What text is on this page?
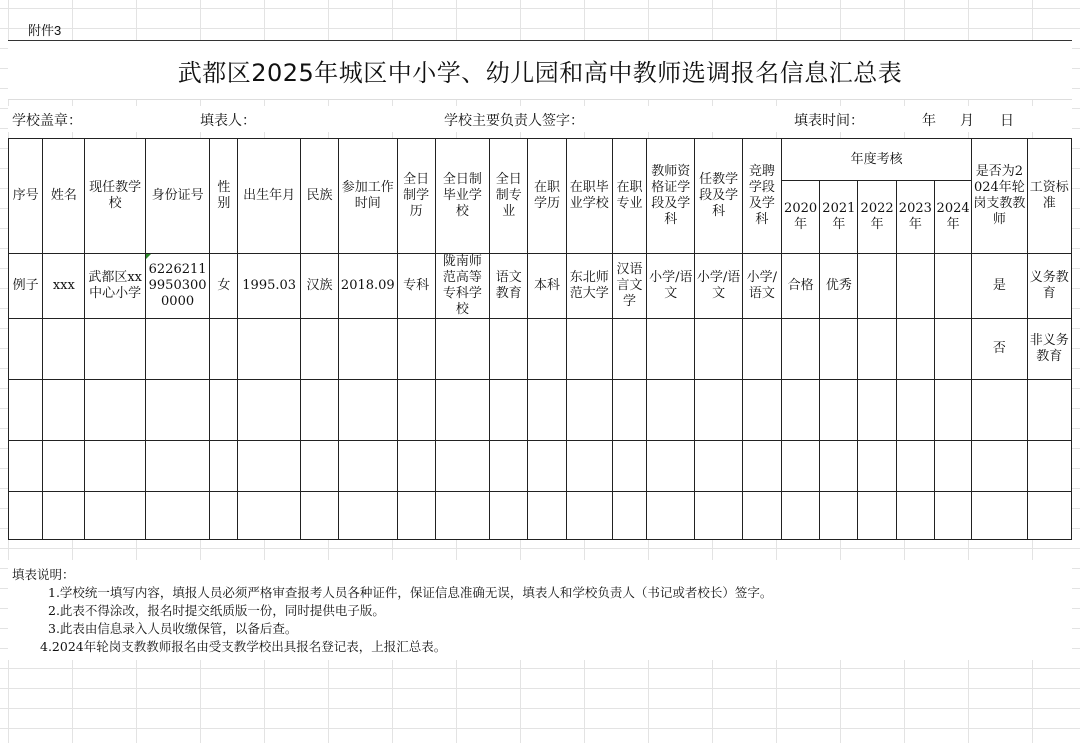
附件3
武都区2025年城区中小学、幼儿园和高中教师选调报名信息汇总表
学校盖章：	填表人：	学校主要负责人签字：	填表时间：	年 月 日
序号	姓名	现任教学校	身份证号	性别	出生年月	民族	参加工作时间	全日制学历	全日制毕业学校	全日制专业	在职学历	在职毕业学校	在职专业	教师资格证学段及学科	任教学段及学科	竞聘学段及学科	年度考核					是否为2024年轮岗支教教师	工资标准
																	2020年	2021年	2022年	2023年	2024年		
例子	xxx	武都区xx中心小学	622621199503000000	女	1995.03	汉族	2018.09	专科	陇南师范高等专科学校	语文教育	本科	东北师范大学	汉语言文学	小学/语文	小学/语文	小学/语文	合格	优秀				是	义务教育
																						否	非义务教育

填表说明：
1.学校统一填写内容，填报人员必须严格审查报考人员各种证件，保证信息准确无误，填表人和学校负责人（书记或者校长）签字。
2.此表不得涂改，报名时提交纸质版一份，同时提供电子版。
3.此表由信息录入人员收缴保管，以备后查。
4.2024年轮岗支教教师报名由受支教学校出具报名登记表，上报汇总表。
